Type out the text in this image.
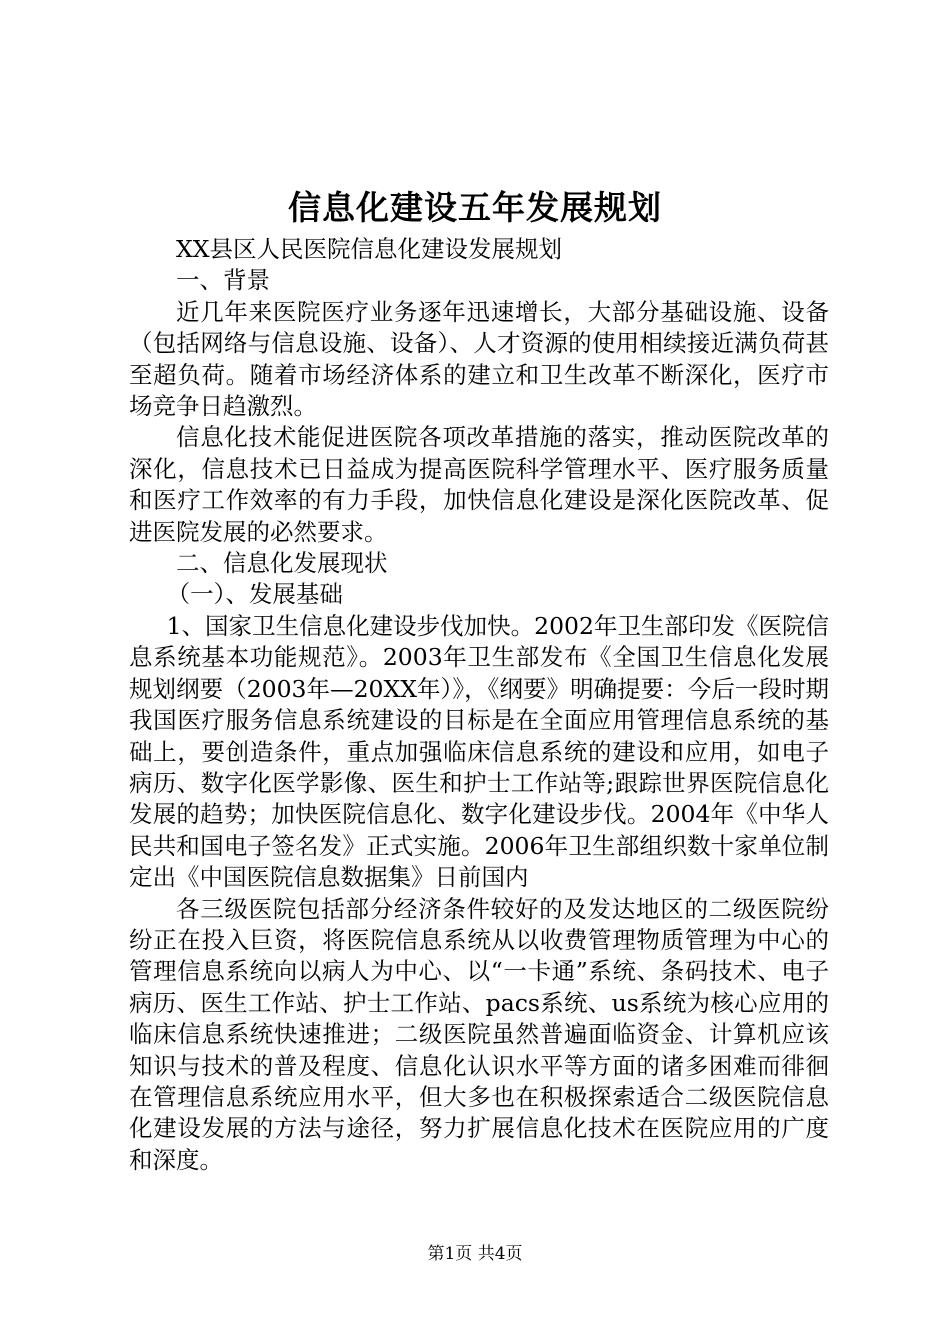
信息化建设五年发展规划

XX县区人民医院信息化建设发展规划

一、背景

近几年来医院医疗业务逐年迅速增长，大部分基础设施、设备（包括网络与信息设施、设备）、人才资源的使用相续接近满负荷甚至超负荷。随着市场经济体系的建立和卫生改革不断深化，医疗市场竞争日趋激烈。

信息化技术能促进医院各项改革措施的落实，推动医院改革的深化，信息技术已日益成为提高医院科学管理水平、医疗服务质量和医疗工作效率的有力手段，加快信息化建设是深化医院改革、促进医院发展的必然要求。

二、信息化发展现状

（一）、发展基础

1、国家卫生信息化建设步伐加快。2002年卫生部印发《医院信息系统基本功能规范》。2003年卫生部发布《全国卫生信息化发展规划纲要（2003年—20XX年）》，《纲要》明确提要：今后一段时期我国医疗服务信息系统建设的目标是在全面应用管理信息系统的基础上，要创造条件，重点加强临床信息系统的建设和应用，如电子病历、数字化医学影像、医生和护士工作站等;跟踪世界医院信息化发展的趋势；加快医院信息化、数字化建设步伐。2004年《中华人民共和国电子签名发》正式实施。2006年卫生部组织数十家单位制定出《中国医院信息数据集》日前国内

各三级医院包括部分经济条件较好的及发达地区的二级医院纷纷正在投入巨资，将医院信息系统从以收费管理物质管理为中心的管理信息系统向以病人为中心、以“一卡通”系统、条码技术、电子病历、医生工作站、护士工作站、pacs系统、us系统为核心应用的临床信息系统快速推进；二级医院虽然普遍面临资金、计算机应该知识与技术的普及程度、信息化认识水平等方面的诸多困难而徘徊在管理信息系统应用水平，但大多也在积极探索适合二级医院信息化建设发展的方法与途径，努力扩展信息化技术在医院应用的广度和深度。

第1页 共4页
